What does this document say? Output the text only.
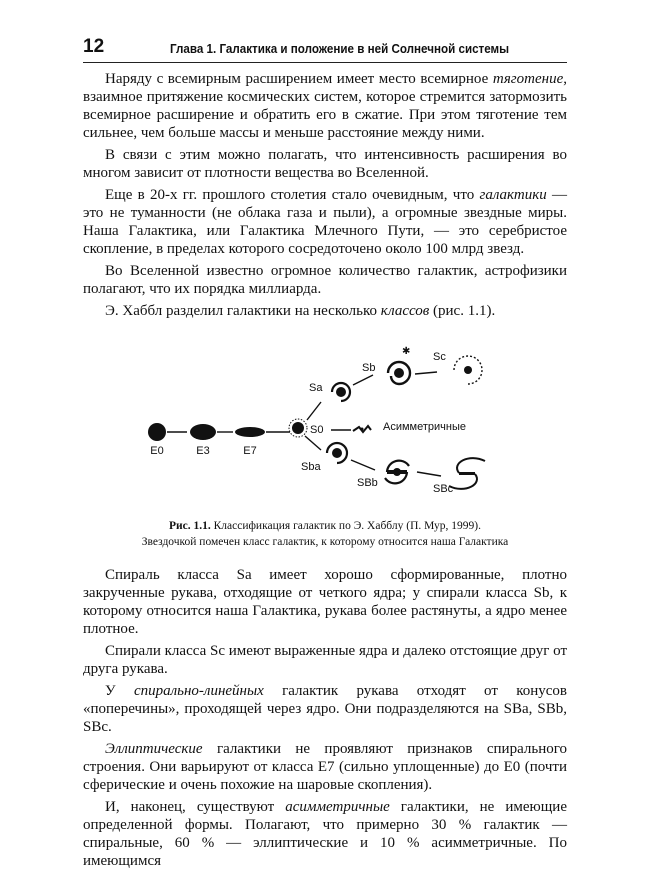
12	Глава 1. Галактика и положение в ней Солнечной системы

Наряду с всемирным расширением имеет место всемирное тяготение, взаимное притяжение космических систем, которое стремится затормозить всемирное расширение и обратить его в сжатие. При этом тяготение тем сильнее, чем больше массы и меньше расстояние между ними.

В связи с этим можно полагать, что интенсивность расширения во многом зависит от плотности вещества во Вселенной.

Еще в 20-х гг. прошлого столетия стало очевидным, что галактики — это не туманности (не облака газа и пыли), а огромные звездные миры. Наша Галактика, или Галактика Млечного Пути, — это серебристое скопление, в пределах которого сосредоточено около 100 млрд звезд.

Во Вселенной известно огромное количество галактик, астрофизики полагают, что их порядка миллиарда.

Э. Хаббл разделил галактики на несколько классов (рис. 1.1).

E0	E3	E7
S0	Асимметричные
Sa
Sb
✱ Sc
Sba
SBb	SBc
Рис. 1.1. Классификация галактик по Э. Хабблу (П. Мур, 1999).
Звездочкой помечен класс галактик, к которому относится наша Галактика

Спираль класса Sa имеет хорошо сформированные, плотно закрученные рукава, отходящие от четкого ядра; у спирали класса Sb, к которому относится наша Галактика, рукава более растянуты, а ядро менее плотное.

Спирали класса Sc имеют выраженные ядра и далеко отстоящие друг от друга рукава.

У спирально-линейных галактик рукава отходят от конусов «поперечины», проходящей через ядро. Они подразделяются на SBa, SBb, SBc.

Эллиптические галактики не проявляют признаков спирального строения. Они варьируют от класса E7 (сильно уплощенные) до E0 (почти сферические и очень похожие на шаровые скопления).

И, наконец, существуют асимметричные галактики, не имеющие определенной формы. Полагают, что примерно 30 % галактик — спиральные, 60 % — эллиптические и 10 % асимметричные. По имеющимся
